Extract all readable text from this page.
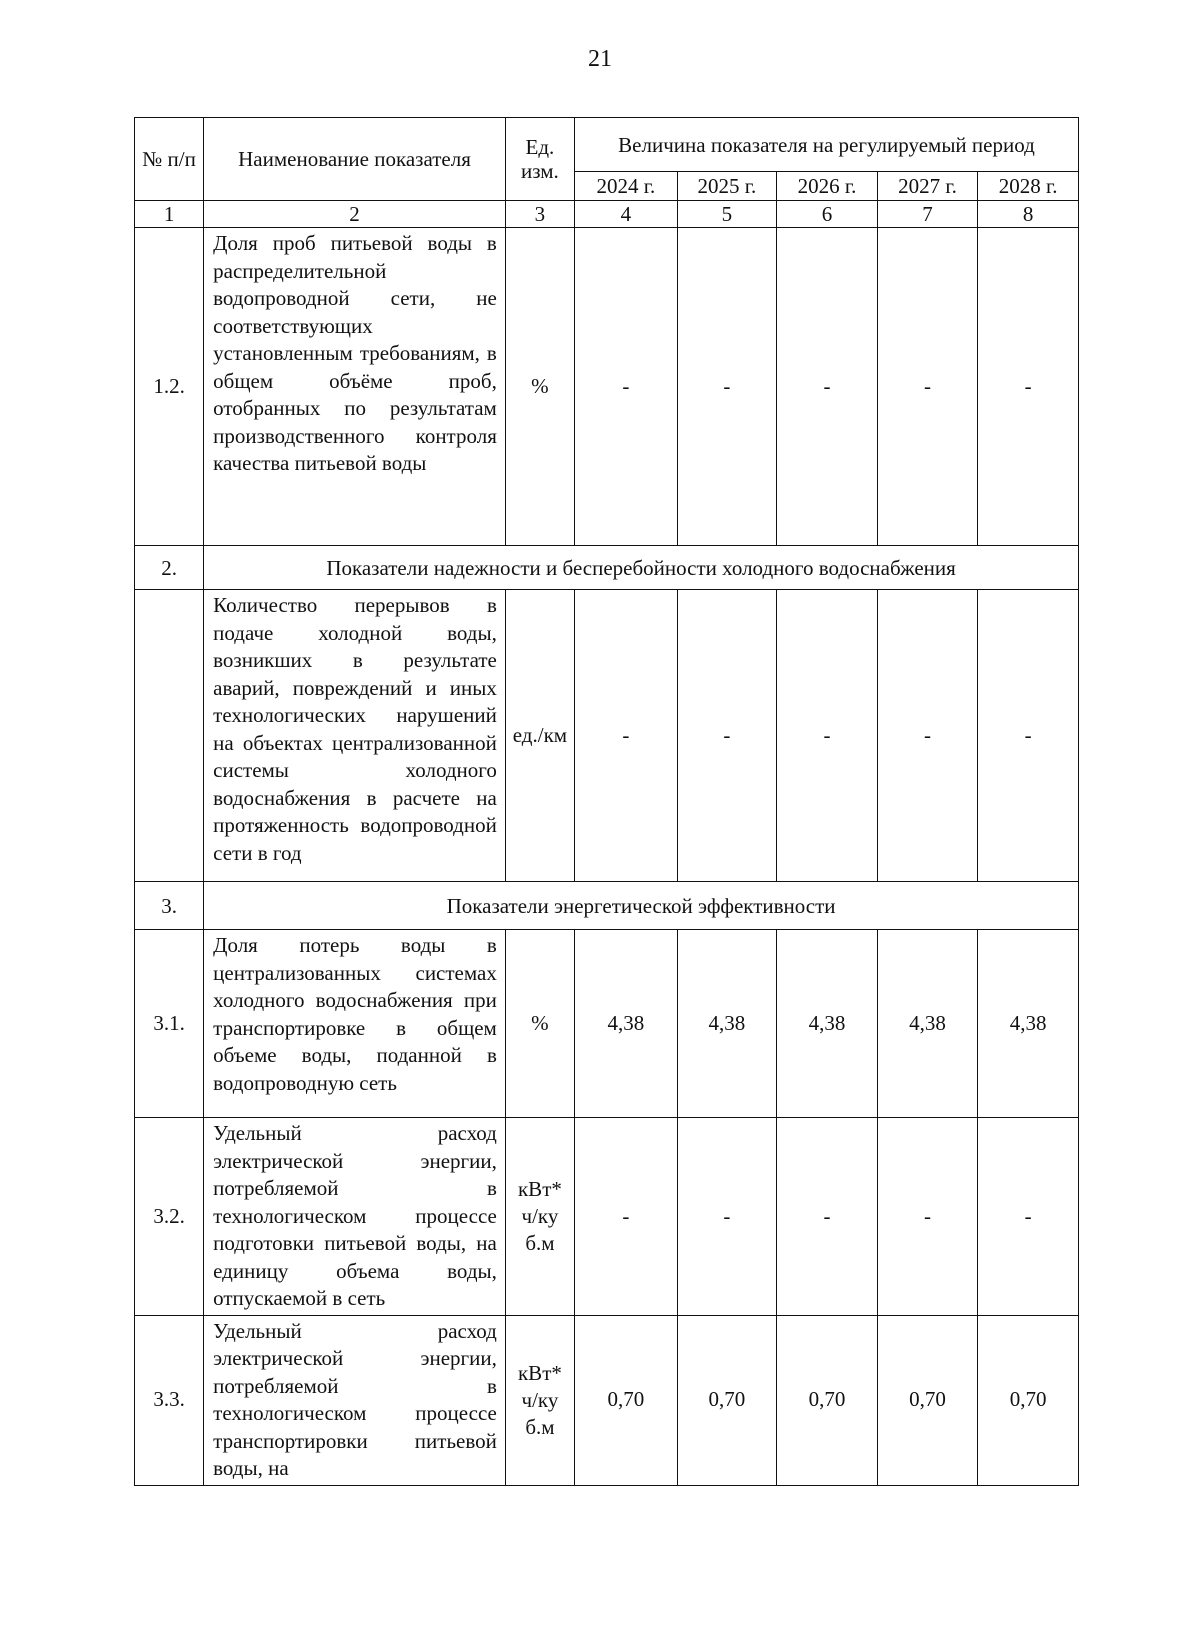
21
№ п/п	Наименование показателя	Ед. изм.	Величина показателя на регулируемый период				
			2024 г.	2025 г.	2026 г.	2027 г.	2028 г.
1	2	3	4	5	6	7	8
1.2.	Доля проб питьевой воды в распределительной водопроводной сети, не соответствующих установленным требованиям, в общем объёме проб, отобранных по результатам производственного контроля качества питьевой воды	%	-	-	-	-	-
2.	Показатели надежности и бесперебойности холодного водоснабжения						
	Количество перерывов в подаче холодной воды, возникших в результате аварий, повреждений и иных технологических нарушений на объектах централизованной системы холодного водоснабжения в расчете на протяженность водопроводной сети в год	ед./км	-	-	-	-	-
3.	Показатели энергетической эффективности						
3.1.	Доля потерь воды в централизованных системах холодного водоснабжения при транспортировке в общем объеме воды, поданной в водопроводную сеть	%	4,38	4,38	4,38	4,38	4,38
3.2.	Удельный расход электрической энергии, потребляемой в технологическом процессе подготовки питьевой воды, на единицу объема воды, отпускаемой в сеть	кВт*ч/куб.м	-	-	-	-	-
3.3.	Удельный расход электрической энергии, потребляемой в технологическом процессе транспортировки питьевой воды, на	кВт*ч/куб.м	0,70	0,70	0,70	0,70	0,70
